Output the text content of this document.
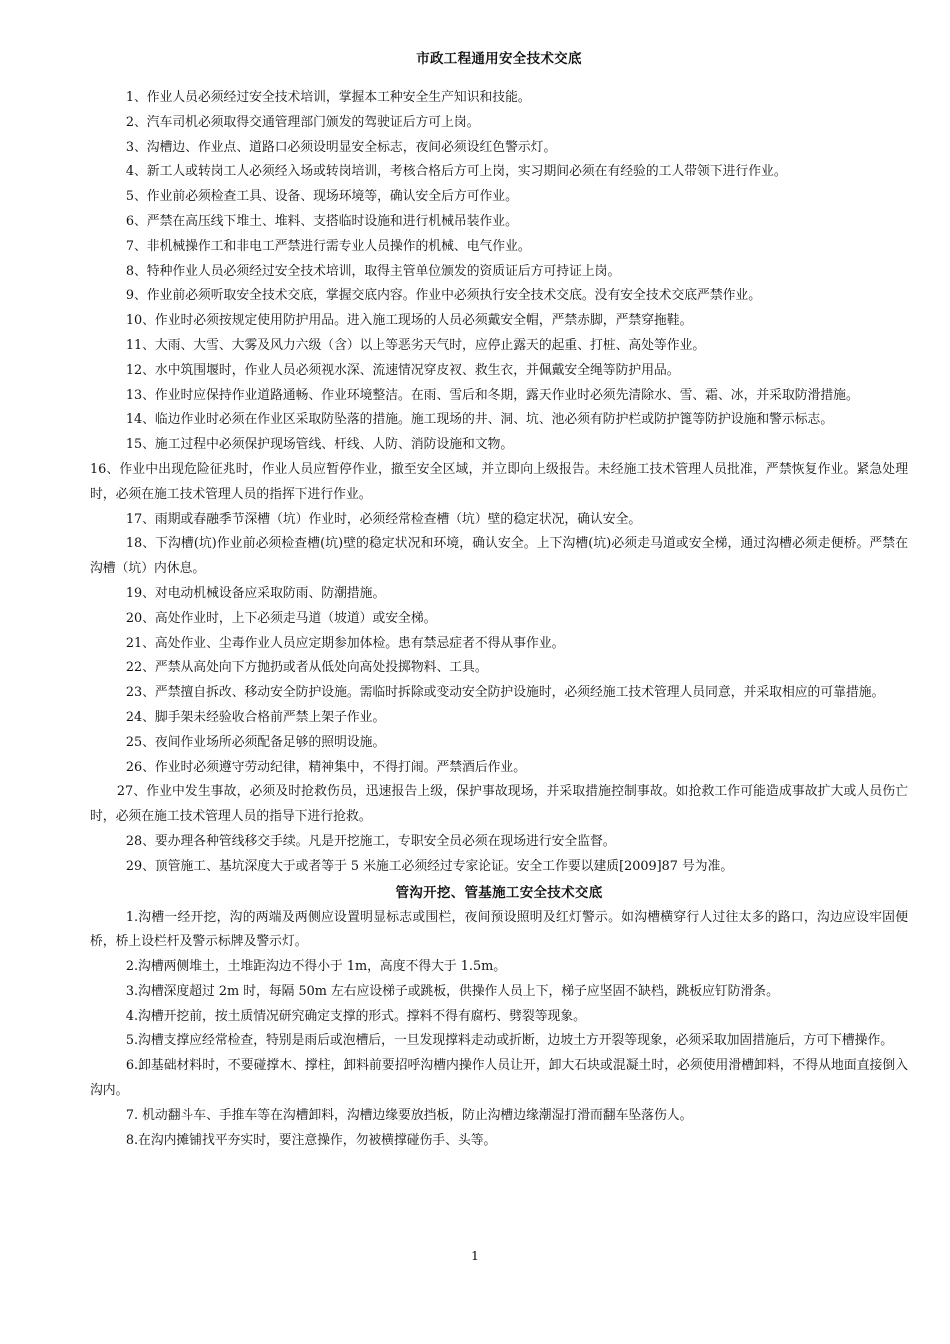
市政工程通用安全技术交底

1、作业人员必须经过安全技术培训，掌握本工种安全生产知识和技能。

2、汽车司机必须取得交通管理部门颁发的驾驶证后方可上岗。

3、沟槽边、作业点、道路口必须设明显安全标志，夜间必须设红色警示灯。

4、新工人或转岗工人必须经入场或转岗培训，考核合格后方可上岗，实习期间必须在有经验的工人带领下进行作业。

5、作业前必须检查工具、设备、现场环境等，确认安全后方可作业。

6、严禁在高压线下堆土、堆料、支搭临时设施和进行机械吊装作业。

7、非机械操作工和非电工严禁进行需专业人员操作的机械、电气作业。

8、特种作业人员必须经过安全技术培训，取得主管单位颁发的资质证后方可持证上岗。

9、作业前必须听取安全技术交底，掌握交底内容。作业中必须执行安全技术交底。没有安全技术交底严禁作业。

10、作业时必须按规定使用防护用品。进入施工现场的人员必须戴安全帽，严禁赤脚，严禁穿拖鞋。

11、大雨、大雪、大雾及风力六级（含）以上等恶劣天气时，应停止露天的起重、打桩、高处等作业。

12、水中筑围堰时，作业人员必须视水深、流速情况穿皮衩、救生衣，并佩戴安全绳等防护用品。

13、作业时应保持作业道路通畅、作业环境整洁。在雨、雪后和冬期，露天作业时必须先清除水、雪、霜、冰，并采取防滑措施。

14、临边作业时必须在作业区采取防坠落的措施。施工现场的井、洞、坑、池必须有防护栏或防护篦等防护设施和警示标志。

15、施工过程中必须保护现场管线、杆线、人防、消防设施和文物。

16、作业中出现危险征兆时，作业人员应暂停作业，撤至安全区域，并立即向上级报告。未经施工技术管理人员批准，严禁恢复作业。紧急处理时，必须在施工技术管理人员的指挥下进行作业。

17、雨期或春融季节深槽（坑）作业时，必须经常检查槽（坑）壁的稳定状况，确认安全。

18、下沟槽(坑)作业前必须检查槽(坑)壁的稳定状况和环境，确认安全。上下沟槽(坑)必须走马道或安全梯，通过沟槽必须走便桥。严禁在沟槽（坑）内休息。

19、对电动机械设备应采取防雨、防潮措施。

20、高处作业时，上下必须走马道（坡道）或安全梯。

21、高处作业、尘毒作业人员应定期参加体检。患有禁忌症者不得从事作业。

22、严禁从高处向下方抛扔或者从低处向高处投掷物料、工具。

23、严禁擅自拆改、移动安全防护设施。需临时拆除或变动安全防护设施时，必须经施工技术管理人员同意，并采取相应的可靠措施。

24、脚手架未经验收合格前严禁上架子作业。

25、夜间作业场所必须配备足够的照明设施。

26、作业时必须遵守劳动纪律，精神集中，不得打闹。严禁酒后作业。

27、作业中发生事故，必须及时抢救伤员，迅速报告上级，保护事故现场，并采取措施控制事故。如抢救工作可能造成事故扩大或人员伤亡时，必须在施工技术管理人员的指导下进行抢救。

28、要办理各种管线移交手续。凡是开挖施工，专职安全员必须在现场进行安全监督。

29、顶管施工、基坑深度大于或者等于 5 米施工必须经过专家论证。安全工作要以建质[2009]87 号为准。

管沟开挖、管基施工安全技术交底

1.沟槽一经开挖，沟的两端及两侧应设置明显标志或围栏，夜间预设照明及红灯警示。如沟槽横穿行人过往太多的路口，沟边应设牢固便桥，桥上设栏杆及警示标牌及警示灯。

2.沟槽两侧堆土，土堆距沟边不得小于 1m，高度不得大于 1.5m。

3.沟槽深度超过 2m 时，每隔 50m 左右应设梯子或跳板，供操作人员上下，梯子应坚固不缺档，跳板应钉防滑条。

4.沟槽开挖前，按土质情况研究确定支撑的形式。撑料不得有腐朽、劈裂等现象。

5.沟槽支撑应经常检查，特别是雨后或泡槽后，一旦发现撑料走动或折断，边坡土方开裂等现象，必须采取加固措施后，方可下槽操作。

6.卸基础材料时，不要碰撑木、撑柱，卸料前要招呼沟槽内操作人员让开，卸大石块或混凝土时，必须使用滑槽卸料，不得从地面直接倒入沟内。

7. 机动翻斗车、手推车等在沟槽卸料，沟槽边缘要放挡板，防止沟槽边缘潮湿打滑而翻车坠落伤人。

8.在沟内摊铺找平夯实时，要注意操作，勿被横撑碰伤手、头等。

1
